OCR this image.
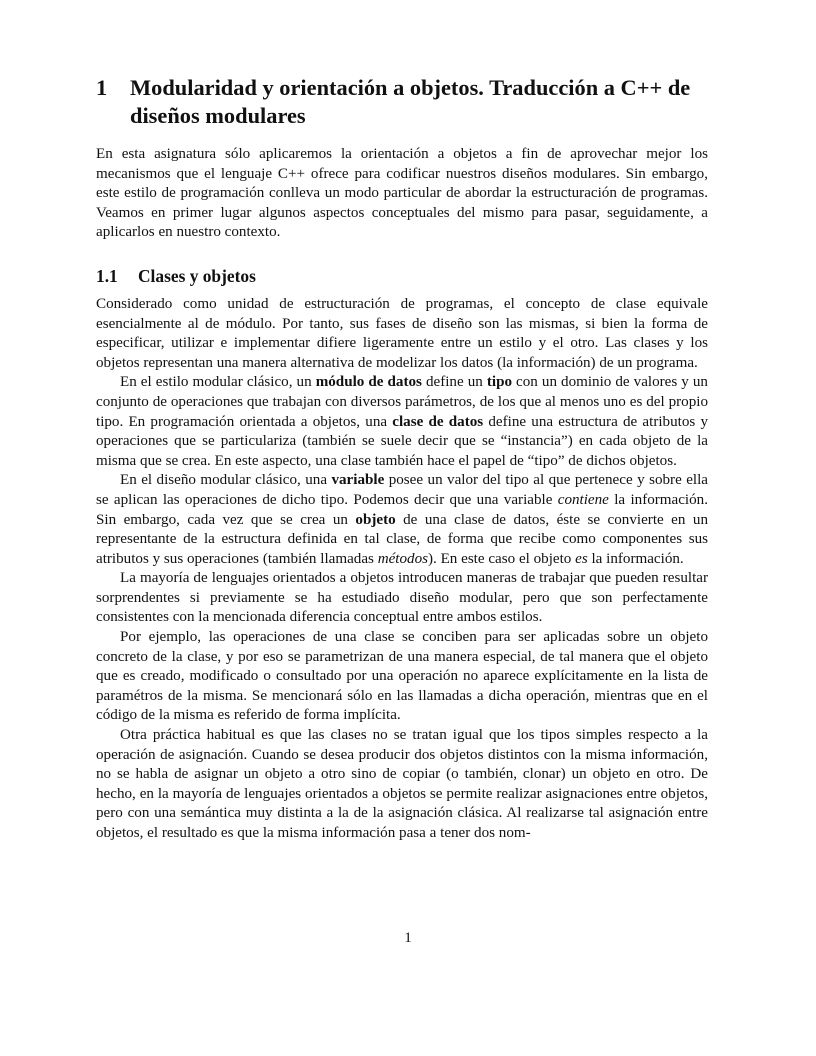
1	Modularidad y orientación a objetos. Traducción a C++ de diseños modulares

En esta asignatura sólo aplicaremos la orientación a objetos a fin de aprovechar mejor los mecanismos que el lenguaje C++ ofrece para codificar nuestros diseños modulares. Sin embargo, este estilo de programación conlleva un modo particular de abordar la estructuración de programas. Veamos en primer lugar algunos aspectos conceptuales del mismo para pasar, seguidamente, a aplicarlos en nuestro contexto.

1.1	Clases y objetos

Considerado como unidad de estructuración de programas, el concepto de clase equivale esencialmente al de módulo. Por tanto, sus fases de diseño son las mismas, si bien la forma de especificar, utilizar e implementar difiere ligeramente entre un estilo y el otro. Las clases y los objetos representan una manera alternativa de modelizar los datos (la información) de un programa.

En el estilo modular clásico, un módulo de datos define un tipo con un dominio de valores y un conjunto de operaciones que trabajan con diversos parámetros, de los que al menos uno es del propio tipo. En programación orientada a objetos, una clase de datos define una estructura de atributos y operaciones que se particulariza (también se suele decir que se “instancia”) en cada objeto de la misma que se crea. En este aspecto, una clase también hace el papel de “tipo” de dichos objetos.

En el diseño modular clásico, una variable posee un valor del tipo al que pertenece y sobre ella se aplican las operaciones de dicho tipo. Podemos decir que una variable contiene la información. Sin embargo, cada vez que se crea un objeto de una clase de datos, éste se convierte en un representante de la estructura definida en tal clase, de forma que recibe como componentes sus atributos y sus operaciones (también llamadas métodos). En este caso el objeto es la información.

La mayoría de lenguajes orientados a objetos introducen maneras de trabajar que pueden resultar sorprendentes si previamente se ha estudiado diseño modular, pero que son perfectamente consistentes con la mencionada diferencia conceptual entre ambos estilos.

Por ejemplo, las operaciones de una clase se conciben para ser aplicadas sobre un objeto concreto de la clase, y por eso se parametrizan de una manera especial, de tal manera que el objeto que es creado, modificado o consultado por una operación no aparece explícitamente en la lista de paramétros de la misma. Se mencionará sólo en las llamadas a dicha operación, mientras que en el código de la misma es referido de forma implícita.

Otra práctica habitual es que las clases no se tratan igual que los tipos simples respecto a la operación de asignación. Cuando se desea producir dos objetos distintos con la misma información, no se habla de asignar un objeto a otro sino de copiar (o también, clonar) un objeto en otro. De hecho, en la mayoría de lenguajes orientados a objetos se permite realizar asignaciones entre objetos, pero con una semántica muy distinta a la de la asignación clásica. Al realizarse tal asignación entre objetos, el resultado es que la misma información pasa a tener dos nom-

1
